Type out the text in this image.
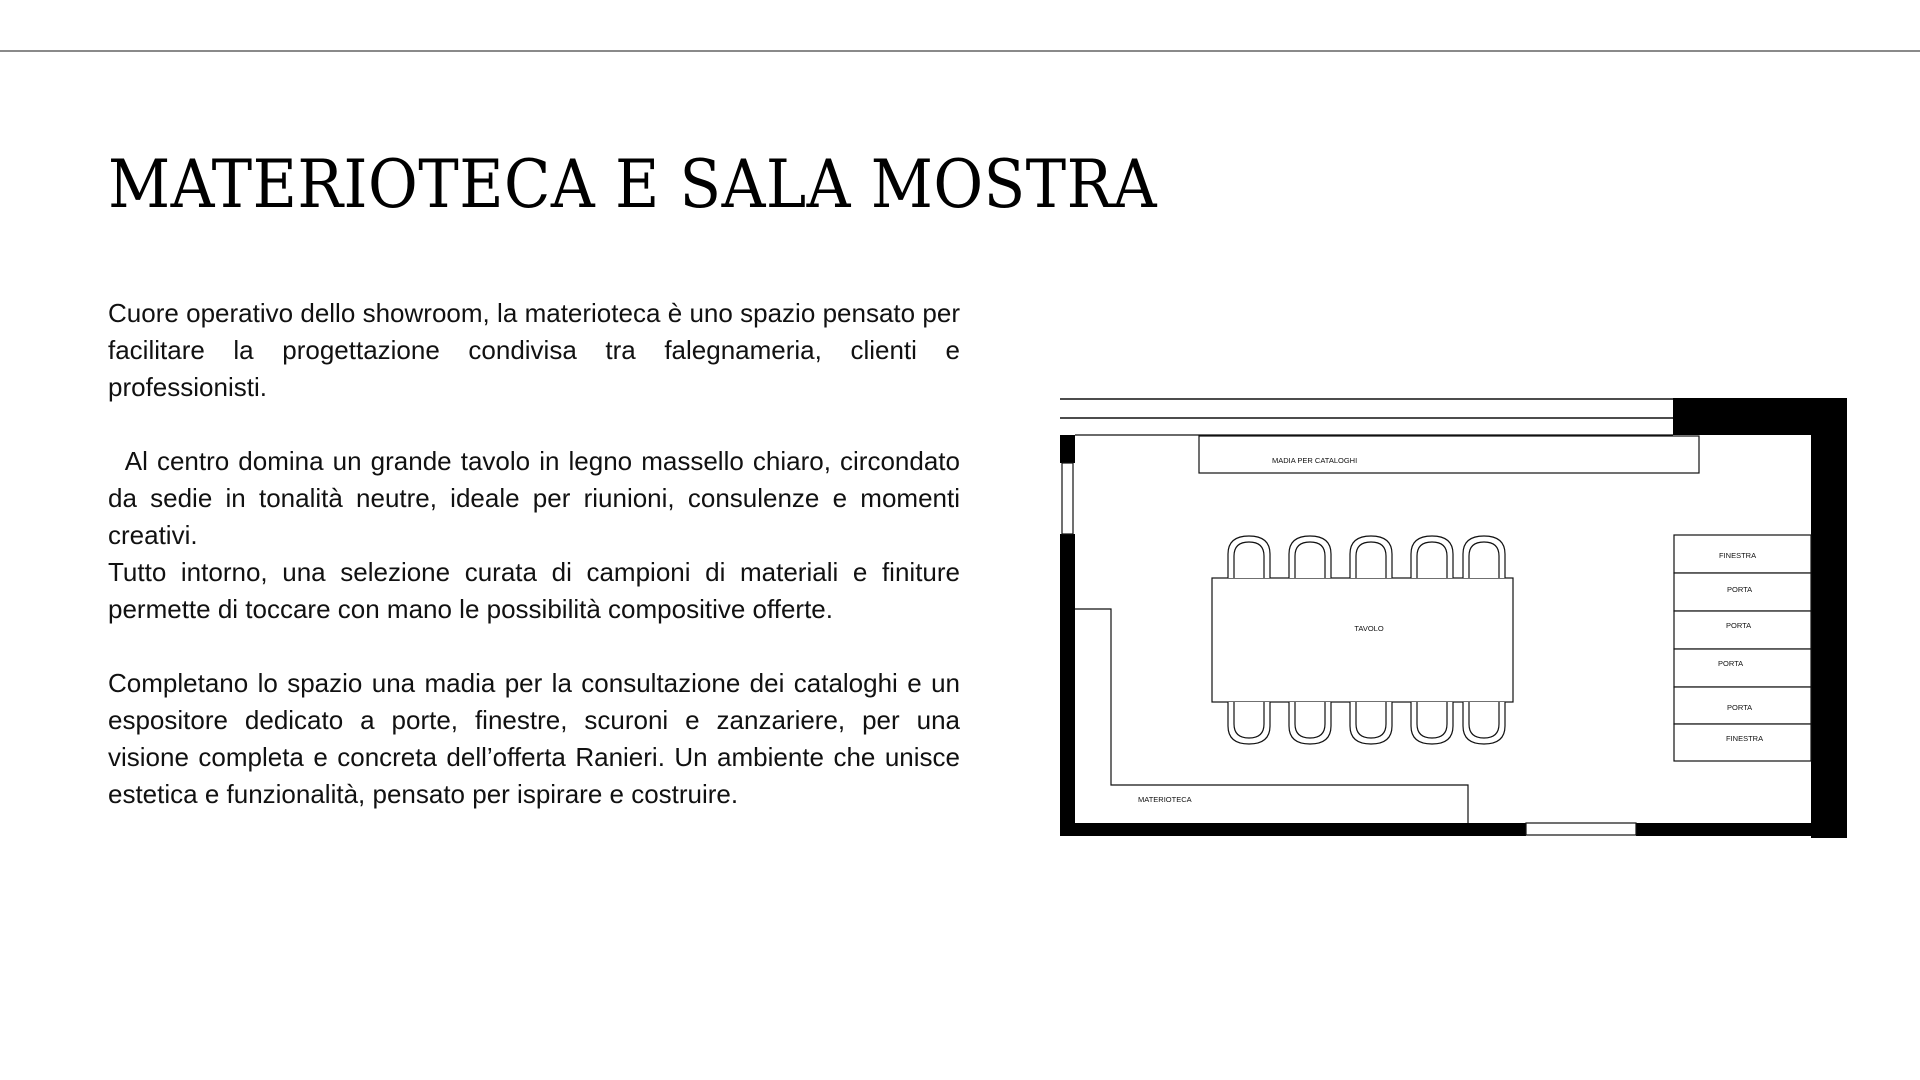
MATERIOTECA E SALA MOSTRA

Cuore operativo dello showroom, la materioteca è uno spazio pensato per facilitare la progettazione condivisa tra falegnameria, clienti e professionisti.

Al centro domina un grande tavolo in legno massello chiaro, circondato da sedie in tonalità neutre, ideale per riunioni, consulenze e momenti creativi.

Tutto intorno, una selezione curata di campioni di materiali e finiture permette di toccare con mano le possibilità compositive offerte.

Completano lo spazio una madia per la consultazione dei cataloghi e un espositore dedicato a porte, finestre, scuroni e zanzariere, per una visione completa e concreta dell’offerta Ranieri. Un ambiente che unisce estetica e funzionalità, pensato per ispirare e costruire.

MADIA PER CATALOGHI
MATERIOTECA
TAVOLO
FINESTRA
PORTA
PORTA
PORTA
PORTA
FINESTRA
